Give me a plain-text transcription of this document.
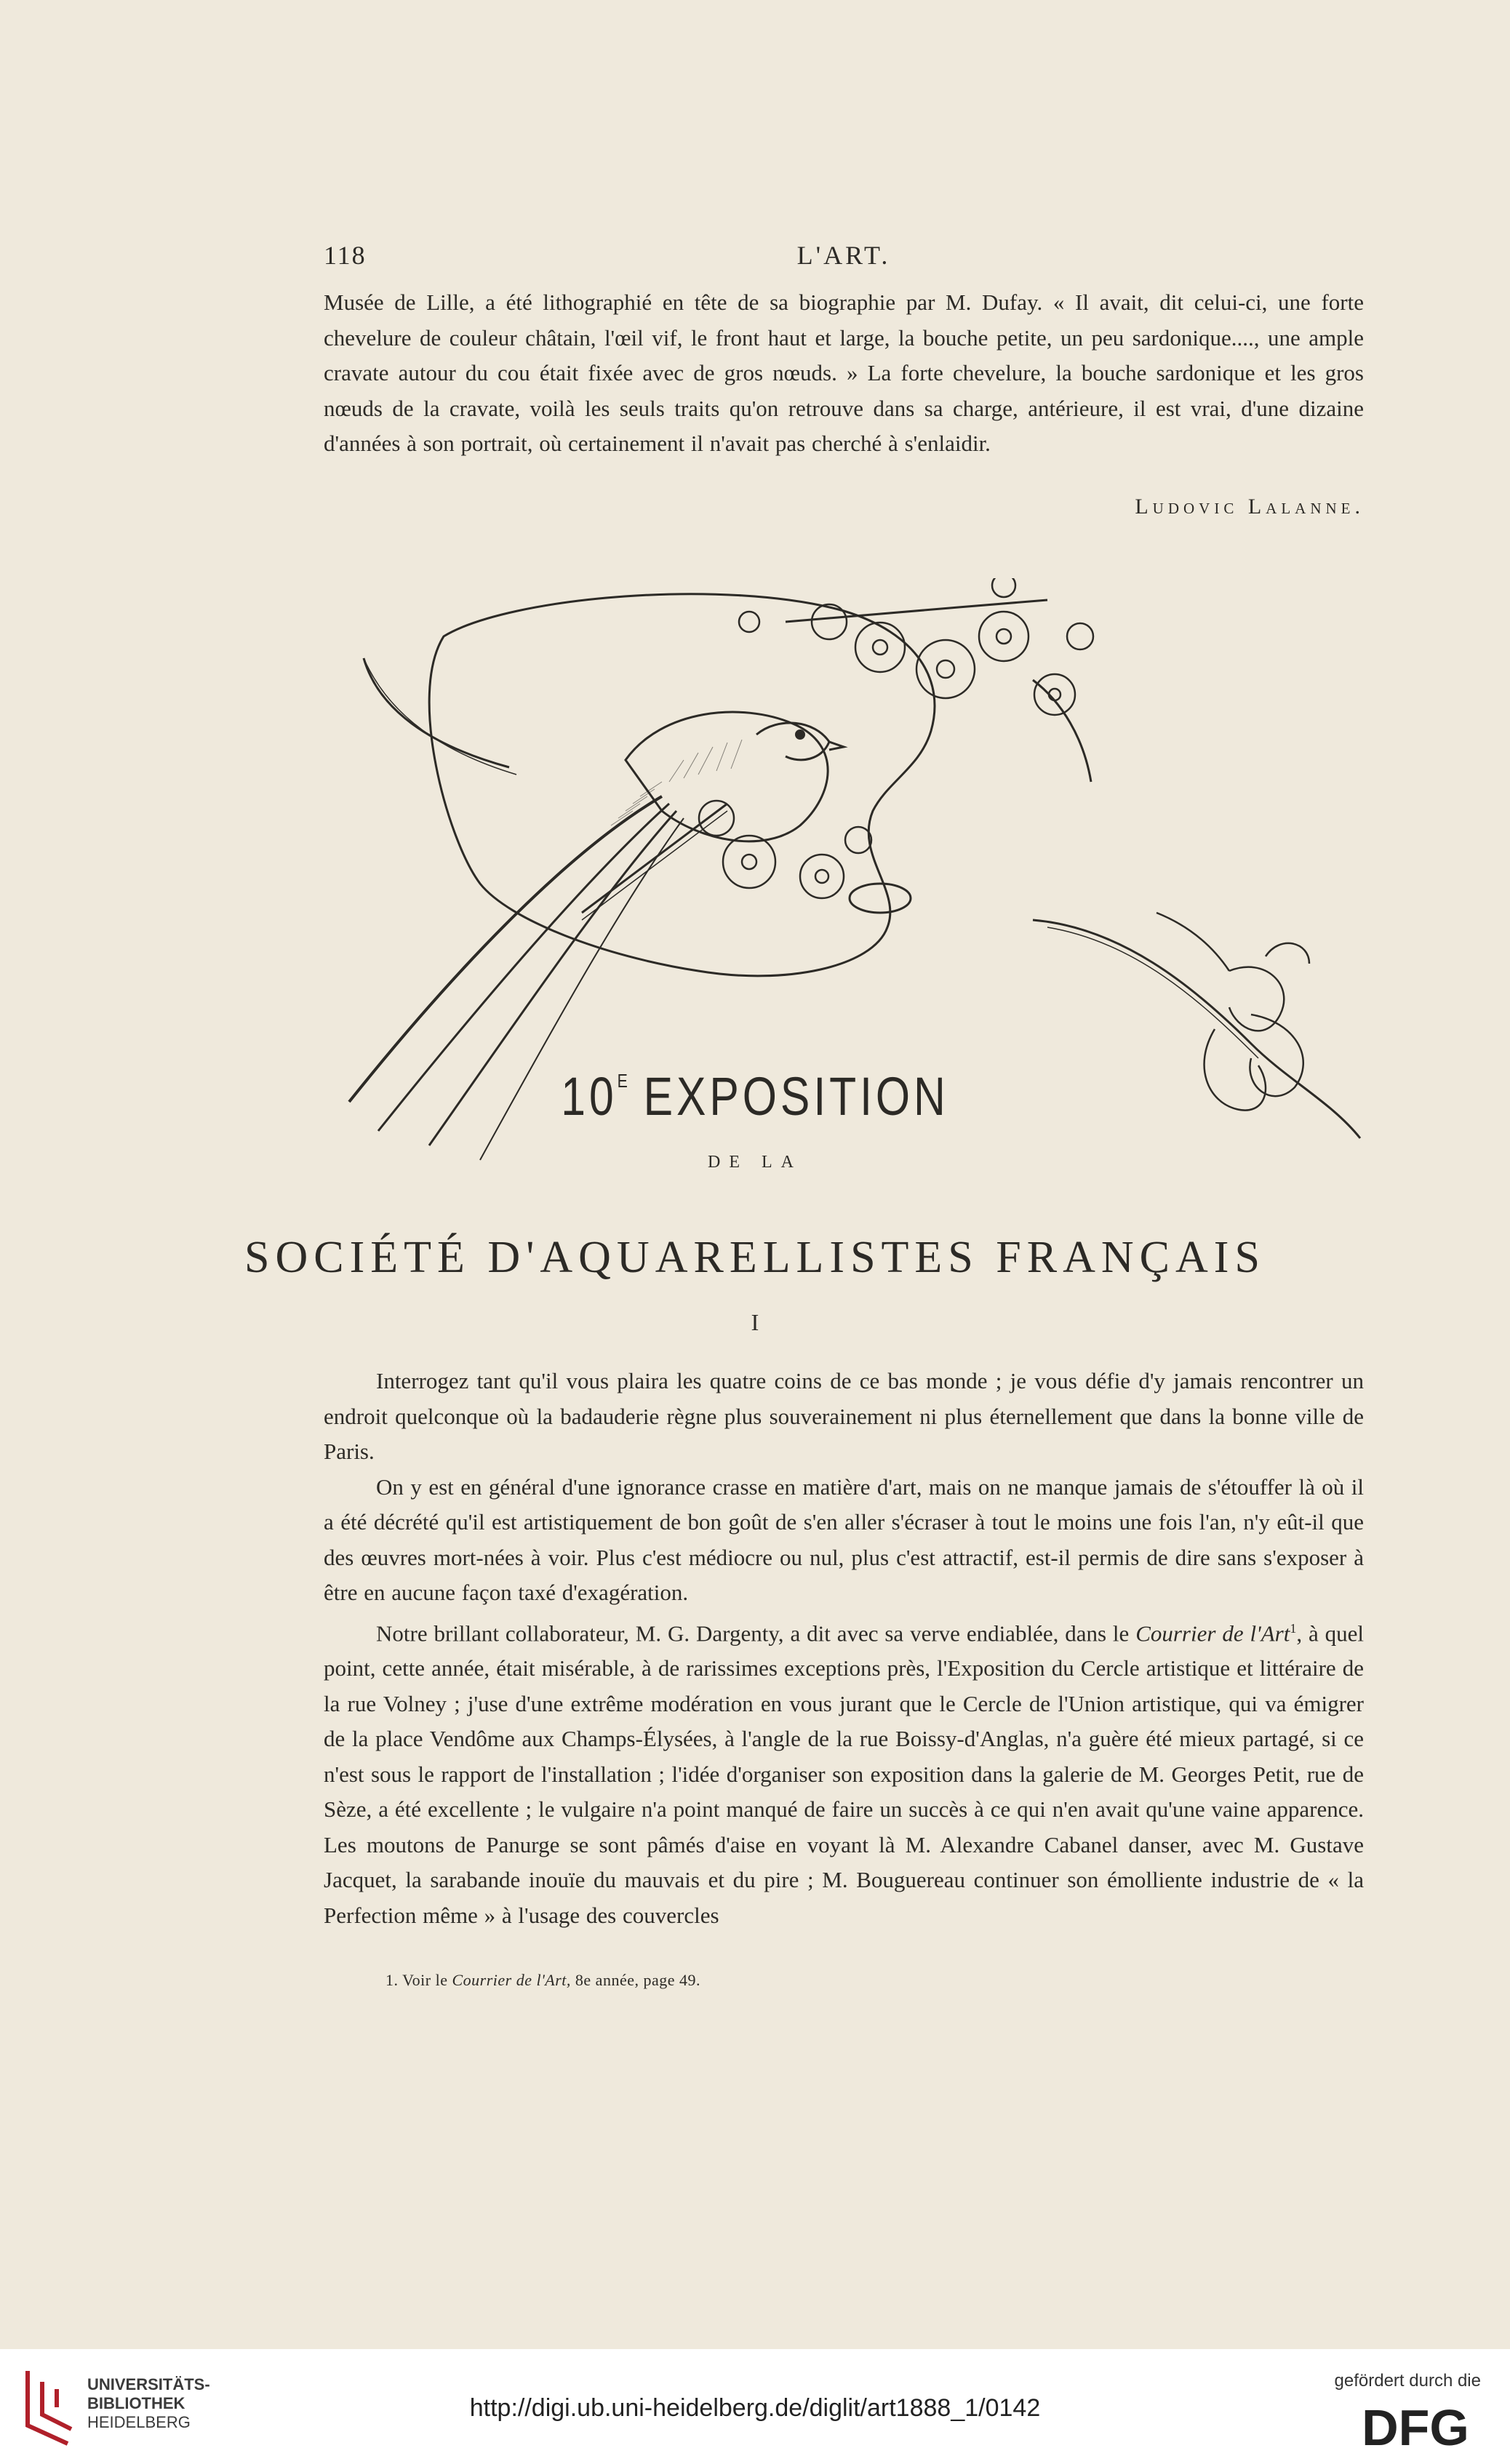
118	L'ART.

Musée de Lille, a été lithographié en tête de sa biographie par M. Dufay. « Il avait, dit celui-ci, une forte chevelure de couleur châtain, l'œil vif, le front haut et large, la bouche petite, un peu sardonique...., une ample cravate autour du cou était fixée avec de gros nœuds. » La forte chevelure, la bouche sardonique et les gros nœuds de la cravate, voilà les seuls traits qu'on retrouve dans sa charge, antérieure, il est vrai, d'une dizaine d'années à son portrait, où certainement il n'avait pas cherché à s'enlaidir.

Ludovic Lalanne.
$10^E$ EXPOSITION
DE LA
SOCIÉTÉ D'AQUARELLISTES FRANÇAIS
I

Interrogez tant qu'il vous plaira les quatre coins de ce bas monde ; je vous défie d'y jamais rencontrer un endroit quelconque où la badauderie règne plus souverainement ni plus éternellement que dans la bonne ville de Paris.

On y est en général d'une ignorance crasse en matière d'art, mais on ne manque jamais de s'étouffer là où il a été décrété qu'il est artistiquement de bon goût de s'en aller s'écraser à tout le moins une fois l'an, n'y eût-il que des œuvres mort-nées à voir. Plus c'est médiocre ou nul, plus c'est attractif, est-il permis de dire sans s'exposer à être en aucune façon taxé d'exagération.

Notre brillant collaborateur, M. G. Dargenty, a dit avec sa verve endiablée, dans le Courrier de l'Art$^1$, à quel point, cette année, était misérable, à de rarissimes exceptions près, l'Exposition du Cercle artistique et littéraire de la rue Volney ; j'use d'une extrême modération en vous jurant que le Cercle de l'Union artistique, qui va émigrer de la place Vendôme aux Champs-Élysées, à l'angle de la rue Boissy-d'Anglas, n'a guère été mieux partagé, si ce n'est sous le rapport de l'installation ; l'idée d'organiser son exposition dans la galerie de M. Georges Petit, rue de Sèze, a été excellente ; le vulgaire n'a point manqué de faire un succès à ce qui n'en avait qu'une vaine apparence. Les moutons de Panurge se sont pâmés d'aise en voyant là M. Alexandre Cabanel danser, avec M. Gustave Jacquet, la sarabande inouïe du mauvais et du pire ; M. Bouguereau continuer son émolliente industrie de « la Perfection même » à l'usage des couvercles

1. Voir le Courrier de l'Art, 8e année, page 49.
UNIVERSITÄTS-
BIBLIOTHEK
HEIDELBERG
http://digi.ub.uni-heidelberg.de/diglit/art1888_1/0142
gefördert durch die
DFG
